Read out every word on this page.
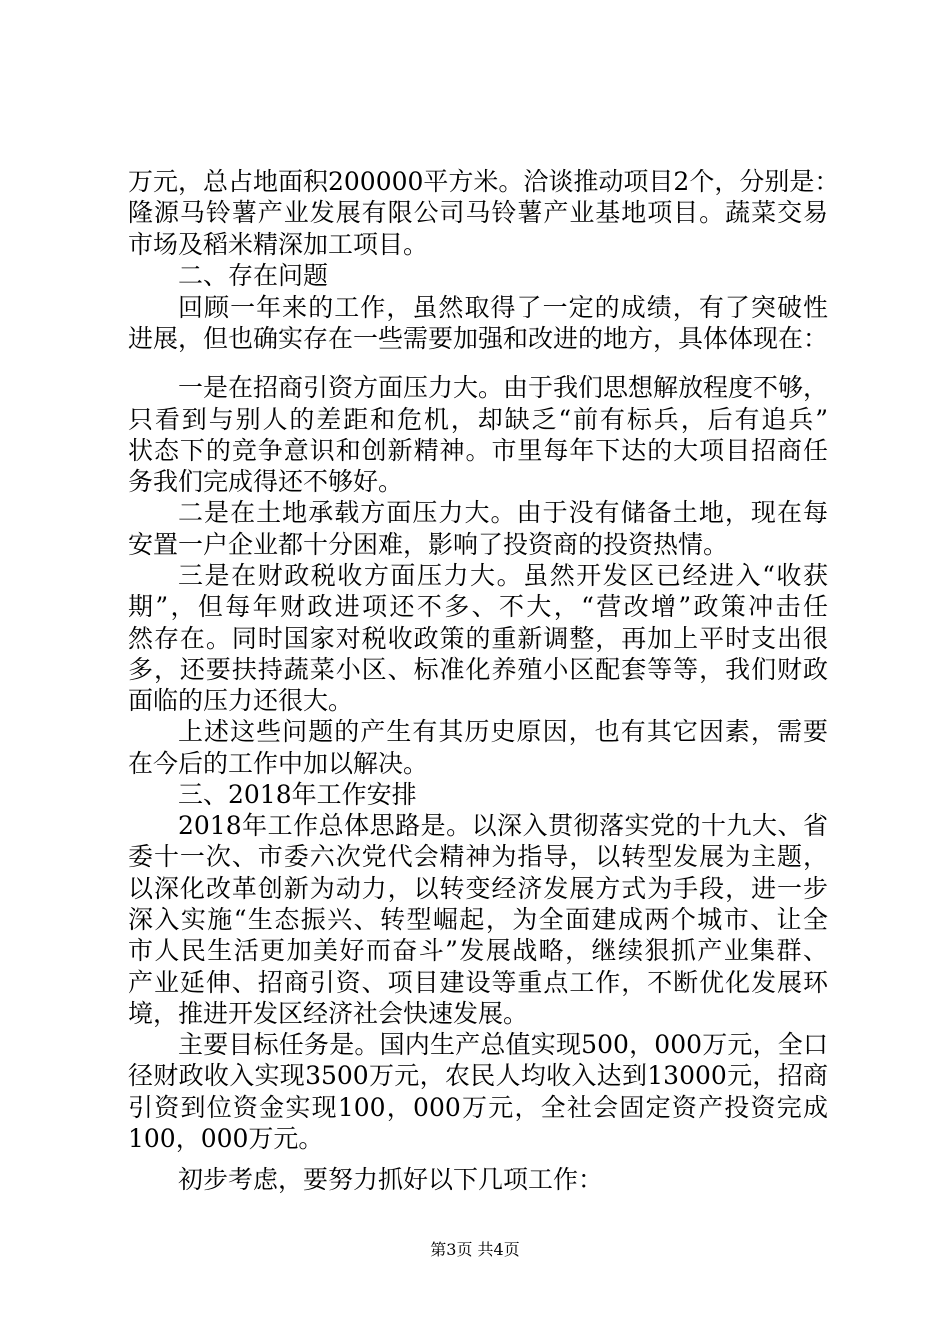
万元，总占地面积200000平方米。洽谈推动项目2个，分别是：
隆源马铃薯产业发展有限公司马铃薯产业基地项目。蔬菜交易
市场及稻米精深加工项目。
二、存在问题
回顾一年来的工作，虽然取得了一定的成绩，有了突破性
进展，但也确实存在一些需要加强和改进的地方，具体体现在：
一是在招商引资方面压力大。由于我们思想解放程度不够，
只看到与别人的差距和危机，却缺乏“前有标兵，后有追兵”
状态下的竞争意识和创新精神。市里每年下达的大项目招商任
务我们完成得还不够好。
二是在土地承载方面压力大。由于没有储备土地，现在每
安置一户企业都十分困难，影响了投资商的投资热情。
三是在财政税收方面压力大。虽然开发区已经进入“收获
期”，但每年财政进项还不多、不大，“营改增”政策冲击任
然存在。同时国家对税收政策的重新调整，再加上平时支出很
多，还要扶持蔬菜小区、标准化养殖小区配套等等，我们财政
面临的压力还很大。
上述这些问题的产生有其历史原因，也有其它因素，需要
在今后的工作中加以解决。
三、2018年工作安排
2018年工作总体思路是。以深入贯彻落实党的十九大、省
委十一次、市委六次党代会精神为指导，以转型发展为主题，
以深化改革创新为动力，以转变经济发展方式为手段，进一步
深入实施“生态振兴、转型崛起，为全面建成两个城市、让全
市人民生活更加美好而奋斗”发展战略，继续狠抓产业集群、
产业延伸、招商引资、项目建设等重点工作，不断优化发展环
境，推进开发区经济社会快速发展。
主要目标任务是。国内生产总值实现500，000万元，全口
径财政收入实现3500万元，农民人均收入达到13000元，招商
引资到位资金实现100，000万元，全社会固定资产投资完成
100，000万元。
初步考虑，要努力抓好以下几项工作：
第3页 共4页
